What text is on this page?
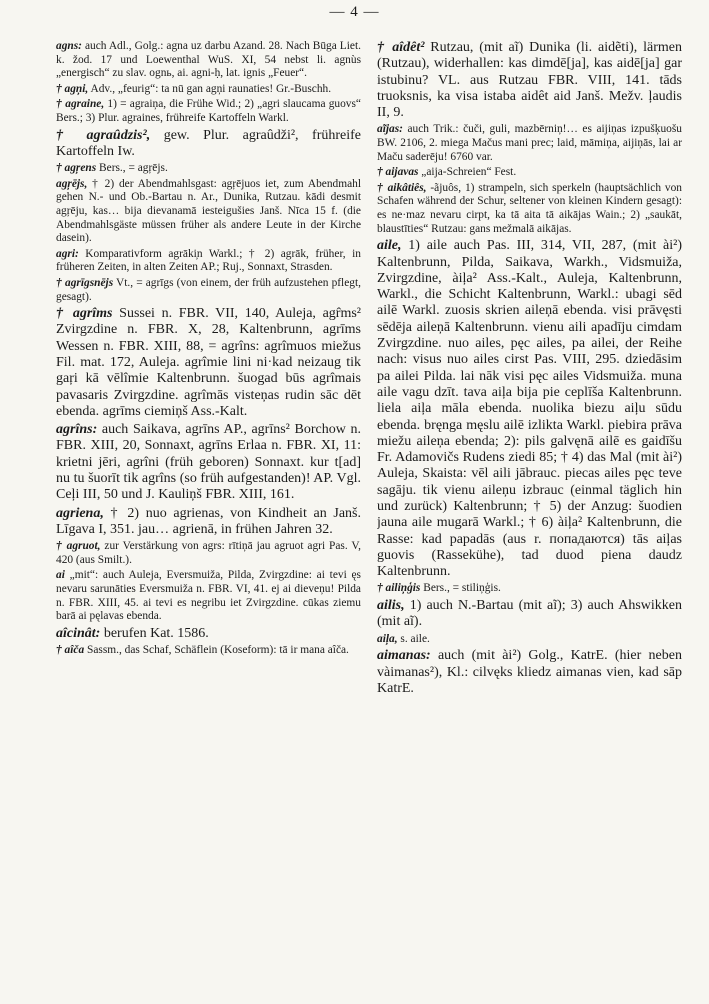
— 4 —

agns: auch Adl., Golg.: agna uz darbu Azand. 28. Nach Būga Liet. k. žod. 17 und Loewenthal WuS. XI, 54 nebst li. agnùs „energisch“ zu slav. ognь, ai. agni-ḥ, lat. ignis „Feuer“.

† agņi, Adv., „feurig“: ta nū gan agņi raunaties! Gr.-Buschh.

† agraine, 1) = agraiņa, die Frühe Wid.; 2) „agri slaucama guovs“ Bers.; 3) Plur. agraines, frühreife Kartoffeln Warkl.

† agraûdzis², gew. Plur. agraûdži², frühreife Kartoffeln Iw.

† agŗens Bers., = agŗējs.

agŗējs, † 2) der Abendmahlsgast: agŗējuos iet, zum Abendmahl gehen N.- und Ob.-Bartau n. Ar., Dunika, Rutzau. kādi desmit agŗēju, kas… bija dievanamā iesteigušies Janš. Nīca 15 f. (die Abendmahlsgäste müssen früher als andere Leute in der Kirche dasein).

agri: Komparativform agrāki̦n Warkl.; † 2) agrāk, früher, in früheren Zeiten, in alten Zeiten AP.; Ruj., Sonnaxt, Strasden.

† agrīgsnējs Vt., = agrīgs (von einem, der früh aufzustehen pflegt, gesagt).

† agrîms Sussei n. FBR. VII, 140, Auleja, agr̂ms² Zvirgzdine n. FBR. X, 28, Kaltenbrunn, agrīms Wessen n. FBR. XIII, 88, = agrîns: agrîmuos miežus Fil. mat. 172, Auleja. agrîmie lini ni·kad neizaug tik gaŗi kā vēlîmie Kaltenbrunn. šuogad būs agrîmais pavasaris Zvirgzdine. agrîmās visteņas rudin sāc dēt ebenda. agrīms ciemiņš Ass.-Kalt.

agrîns: auch Saikava, agrīns AP., agrīns² Borchow n. FBR. XIII, 20, Sonnaxt, agrīns Erlaa n. FBR. XI, 11: krietni jēri, agrîni (früh geboren) Sonnaxt. kur t[ad] nu tu šuorīt tik agrîns (so früh aufgestanden)! AP. Vgl. Ceļi III, 50 und J. Kauliņš FBR. XIII, 161.

agriena, † 2) nuo agrienas, von Kindheit an Janš. Līgava I, 351. jau… agrienā, in frühen Jahren 32.

† agruot, zur Verstärkung von agrs: rītiņā jau agruot agri Pas. V, 420 (aus Smilt.).

ai „mit“: auch Auleja, Eversmuiža, Pilda, Zvirgzdine: ai tevi ęs nevaru sarunāties Eversmuiža n. FBR. VI, 41. ej ai dieveņu! Pilda n. FBR. XIII, 45. ai tevi es negribu iet Zvirgzdine. cūkas ziemu barā ai pęlavas ebenda.

aîcinât: berufen Kat. 1586.

† aîča Sassm., das Schaf, Schäflein (Koseform): tā ir mana aîča.

† aîdêt² Rutzau, (mit aĩ) Dunika (li. aidẽti), lärmen (Rutzau), widerhallen: kas dimdē[ja], kas aidē[ja] gar istubinu? VL. aus Rutzau FBR. VIII, 141. tāds truoksnis, ka visa istaba aidêt aid Janš. Mežv. ļaudis II, 9.

aĩjas: auch Trik.: čuči, guli, mazbērniņ!… es aijiņas izpušķuošu BW. 2106, 2. miega Mačus mani prec; laid, māmiņa, aijiņās, lai ar Maču saderēju! 6760 var.

† aijavas „aija-Schreien“ Fest.

† aikâtiês, -ãjuôs, 1) strampeln, sich sperkeln (hauptsächlich von Schafen während der Schur, seltener von kleinen Kindern gesagt): es ne·maz nevaru cirpt, ka tā aita tā aikājas Wain.; 2) „saukāt, blaustīties“ Rutzau: gans mežmalā aikājas.

aile, 1) aile auch Pas. III, 314, VII, 287, (mit ài²) Kaltenbrunn, Pilda, Saikava, Warkh., Vidsmuiža, Zvirgzdine, àiļa² Ass.-Kalt., Auleja, Kaltenbrunn, Warkl., die Schicht Kaltenbrunn, Warkl.: ubagi sēd ailē Warkl. zuosis skrien aileņā ebenda. visi prāvęsti sēdēja aileņā Kaltenbrunn. vienu aili apadīju cimdam Zvirgzdine. nuo ailes, pęc ailes, pa ailei, der Reihe nach: visus nuo ailes cirst Pas. VIII, 295. dziedāsim pa ailei Pilda. lai nāk visi pęc ailes Vidsmuiža. muna aile vagu dzīt. tava aiļa bija pie ceplīša Kaltenbrunn. liela aiļa māla ebenda. nuolika biezu aiļu sūdu ebenda. bręnga męslu ailē izlikta Warkl. piebira prāva miežu aileņa ebenda; 2): pils galvęnā ailē es gaidīšu Fr. Adamovičs Rudens ziedi 85; † 4) das Mal (mit ài²) Auleja, Skaista: vēl aili jābrauc. piecas ailes pęc teve sagāju. tik vienu aileņu izbrauc (einmal täglich hin und zurück) Kaltenbrunn; † 5) der Anzug: šuodien jauna aile mugarā Warkl.; † 6) àiļa² Kaltenbrunn, die Rasse: kad papadās (aus r. попадаются) tās aiļas guovis (Rassekühe), tad duod piena daudz Kaltenbrunn.

† ailiņģis Bers., = stiliņģis.

ailis, 1) auch N.-Bartau (mit aĩ); 3) auch Ahswikken (mit aĩ).

aiļa, s. aile.

aimanas: auch (mit ài²) Golg., KatrE. (hier neben vàimanas²), Kl.: cilvęks kliedz aimanas vien, kad sāp KatrE.
